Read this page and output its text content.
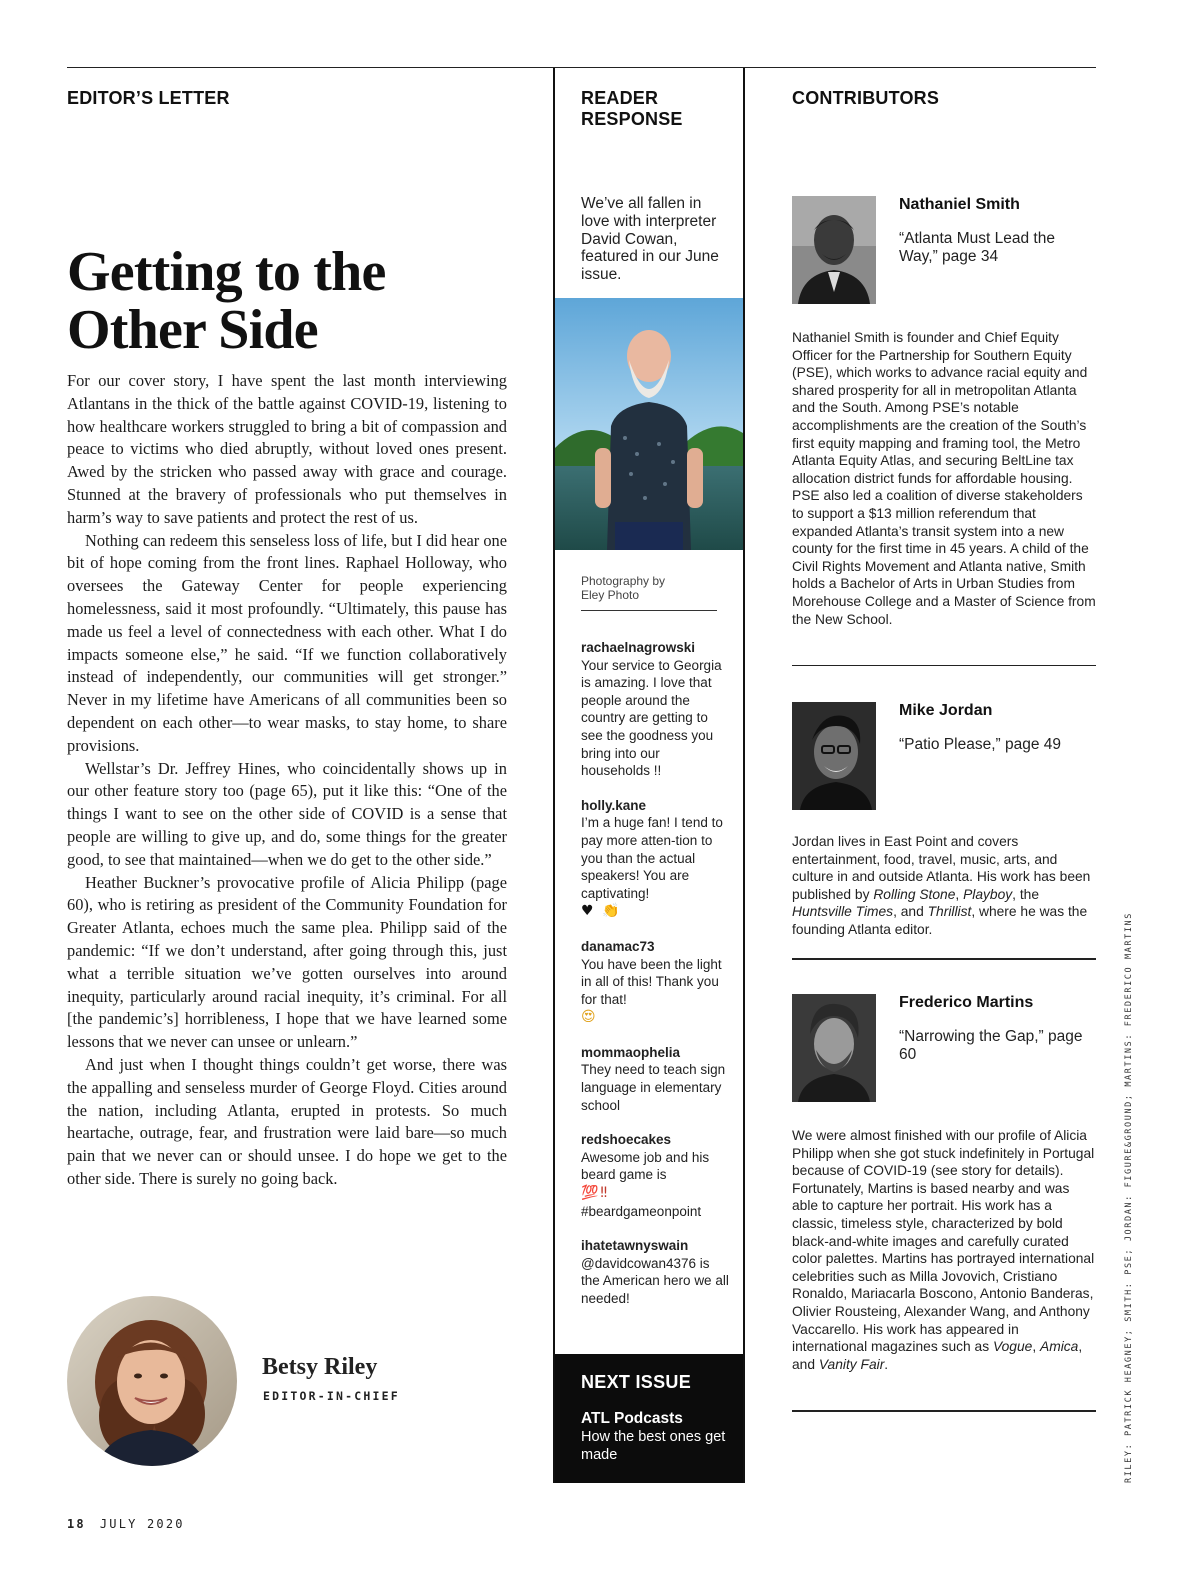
EDITOR’S LETTER
Getting to the
Other Side

For our cover story, I have spent the last month interviewing Atlantans in the thick of the battle against COVID-19, listening to how healthcare workers struggled to bring a bit of compassion and peace to victims who died abruptly, without loved ones present. Awed by the stricken who passed away with grace and courage. Stunned at the bravery of professionals who put themselves in harm’s way to save patients and protect the rest of us.

Nothing can redeem this senseless loss of life, but I did hear one bit of hope coming from the front lines. Raphael Holloway, who oversees the Gateway Center for people experiencing homelessness, said it most profoundly. “Ultimately, this pause has made us feel a level of connectedness with each other. What I do impacts someone else,” he said. “If we function collaboratively instead of independently, our communities will get stronger.” Never in my lifetime have Americans of all communities been so dependent on each other—to wear masks, to stay home, to share provisions.

Wellstar’s Dr. Jeffrey Hines, who coincidentally shows up in our other feature story too (page 65), put it like this: “One of the things I want to see on the other side of COVID is a sense that people are willing to give up, and do, some things for the greater good, to see that maintained—when we do get to the other side.”

Heather Buckner’s provocative profile of Alicia Philipp (page 60), who is retiring as president of the Community Foundation for Greater Atlanta, echoes much the same plea. Philipp said of the pandemic: “If we don’t understand, after going through this, just what a terrible situation we’ve gotten ourselves into around inequity, particularly around racial inequity, it’s criminal. For all [the pandemic’s] horribleness, I hope that we have learned some lessons that we never can unsee or unlearn.”

And just when I thought things couldn’t get worse, there was the appalling and senseless murder of George Floyd. Cities around the nation, including Atlanta, erupted in protests. So much heartache, outrage, fear, and frustration were laid bare—so much pain that we never can or should unsee. I do hope we get to the other side. There is surely no going back.

Betsy Riley
EDITOR-IN-CHIEF
18 JULY 2020
READER
RESPONSE
We’ve all fallen in love with interpreter David Cowan, featured in our June issue.
Photography by
Eley Photo
rachaelnagrowski
Your service to Georgia is amazing. I love that people around the country are getting to see the goodness you bring into our households !!
holly.kane
I’m a huge fan! I tend to pay more atten-tion to you than the actual speakers! You are captivating!
♥ 👏
danamac73
You have been the light in all of this! Thank you for that!
😍
mommaophelia
They need to teach sign language in elementary school
redshoecakes
Awesome job and his beard game is
💯‼
#beardgameonpoint
ihatetawnyswain
@davidcowan4376 is the American hero we all needed!
NEXT ISSUE
ATL Podcasts
How the best ones get made
CONTRIBUTORS
Nathaniel Smith
“Atlanta Must Lead the Way,” page 34
Nathaniel Smith is founder and Chief Equity Officer for the Partnership for Southern Equity (PSE), which works to advance racial equity and shared prosperity for all in metropolitan Atlanta and the South. Among PSE’s notable accomplishments are the creation of the South’s first equity mapping and framing tool, the Metro Atlanta Equity Atlas, and securing BeltLine tax allocation district funds for affordable housing. PSE also led a coalition of diverse stakeholders to support a $13 million referendum that expanded Atlanta’s transit system into a new county for the first time in 45 years. A child of the Civil Rights Movement and Atlanta native, Smith holds a Bachelor of Arts in Urban Studies from Morehouse College and a Master of Science from the New School.
Mike Jordan
“Patio Please,” page 49
Jordan lives in East Point and covers entertainment, food, travel, music, arts, and culture in and outside Atlanta. His work has been published by Rolling Stone, Playboy, the Huntsville Times, and Thrillist, where he was the founding Atlanta editor.
Frederico Martins
“Narrowing the Gap,” page 60
We were almost finished with our profile of Alicia Philipp when she got stuck indefinitely in Portugal because of COVID-19 (see story for details). Fortunately, Martins is based nearby and was able to capture her portrait. His work has a classic, timeless style, characterized by bold black-and-white images and carefully curated color palettes. Martins has portrayed international celebrities such as Milla Jovovich, Cristiano Ronaldo, Mariacarla Boscono, Antonio Banderas, Olivier Rousteing, Alexander Wang, and Anthony Vaccarello. His work has appeared in international magazines such as Vogue, Amica, and Vanity Fair.	RILEY: PATRICK HEAGNEY; SMITH: PSE; JORDAN: FIGURE&GROUND; MARTINS: FREDERICO MARTINS
